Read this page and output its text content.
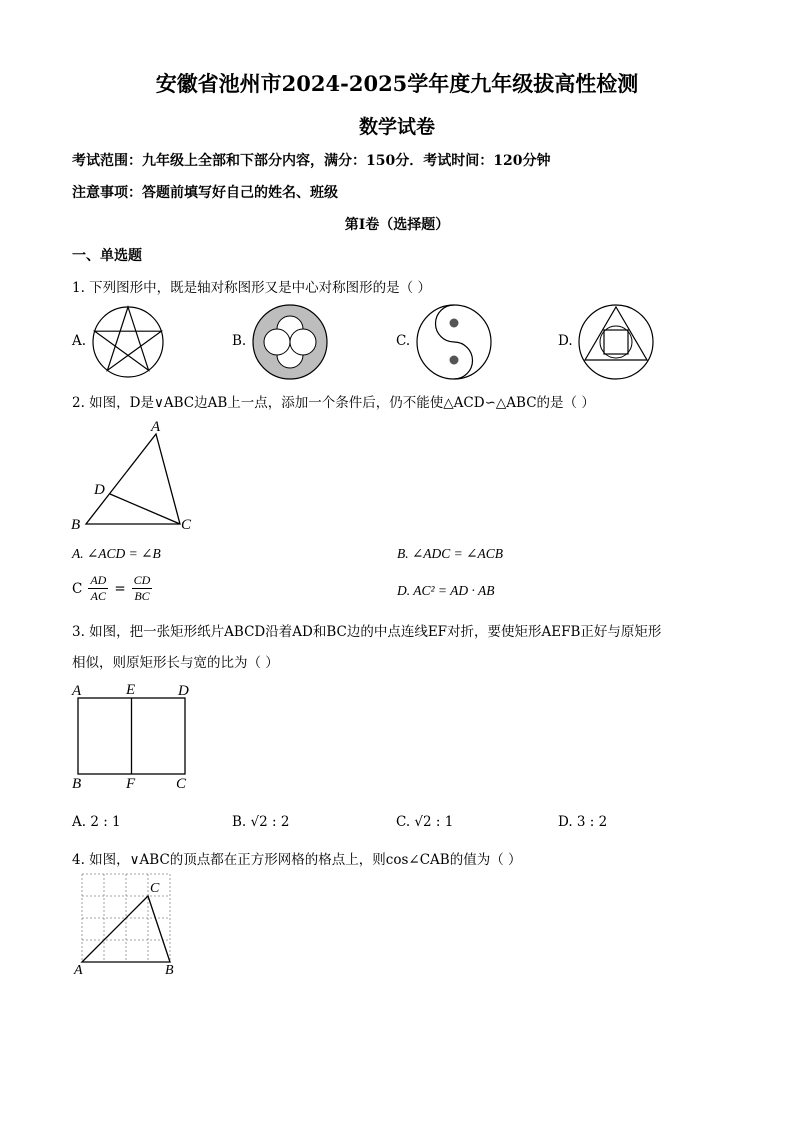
安徽省池州市2024-2025学年度九年级拔高性检测
数学试卷
考试范围：九年级上全部和下部分内容，满分：150分．考试时间：120分钟
注意事项：答题前填写好自己的姓名、班级
第Ⅰ卷（选择题）
一、单选题
1. 下列图形中，既是轴对称图形又是中心对称图形的是（ ）
A.	B.	C.	D.
2. 如图，D是∨ABC边AB上一点，添加一个条件后，仍不能使△ACD∽△ABC的是（ ）
A
B	C
D
A. ∠ACD = ∠B	B. ∠ADC = ∠ACB
C $\frac{AD}{AC} = \frac{CD}{BC}$	D. AC² = AD · AB
3. 如图，把一张矩形纸片ABCD沿着AD和BC边的中点连线EF对折，要使矩形AEFB正好与原矩形
相似，则原矩形长与宽的比为（ ）
A	E	D
B	F	C
A. 2 : 1	B. √2 : 2	C. √2 : 1	D. 3 : 2
4. 如图，∨ABC的顶点都在正方形网格的格点上，则cos∠CAB的值为（ ）
A	B
C
